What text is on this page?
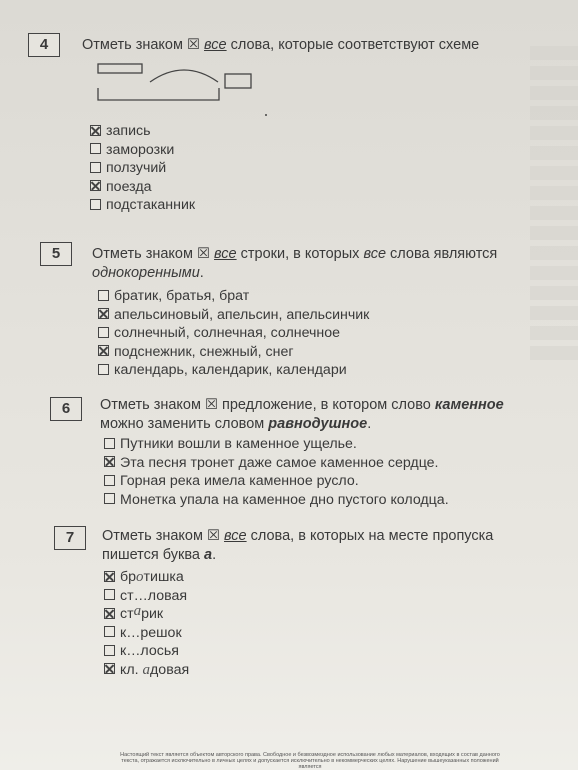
4	Отметь знаком ☒ все слова, которые соответствуют схеме
запись
заморозки
ползучий
поезда
подстаканник
5	Отметь знаком ☒ все строки, в которых все слова являются
однокоренными.
братик, братья, брат
апельсиновый, апельсин, апельсинчик
солнечный, солнечная, солнечное
подснежник, снежный, снег
календарь, календарик, календари
6	Отметь знаком ☒ предложение, в котором слово каменное
можно заменить словом равнодушное.
Путники вошли в каменное ущелье.
Эта песня тронет даже самое каменное сердце.
Горная река имела каменное русло.
Монетка упала на каменное дно пустого колодца.
7	Отметь знаком ☒ все слова, в которых на месте пропуска
пишется буква а.
бротишка
ст…ловая
старик
к…решок
к…лосья
кл. адовая
Настоящий текст является объектом авторского права. Свободное и безвозмездное использование любых материалов, входящих в состав данного текста, отражается исключительно в личных целях и допускается исключительно в некоммерческих целях. Нарушение вышеуказанных положений является
